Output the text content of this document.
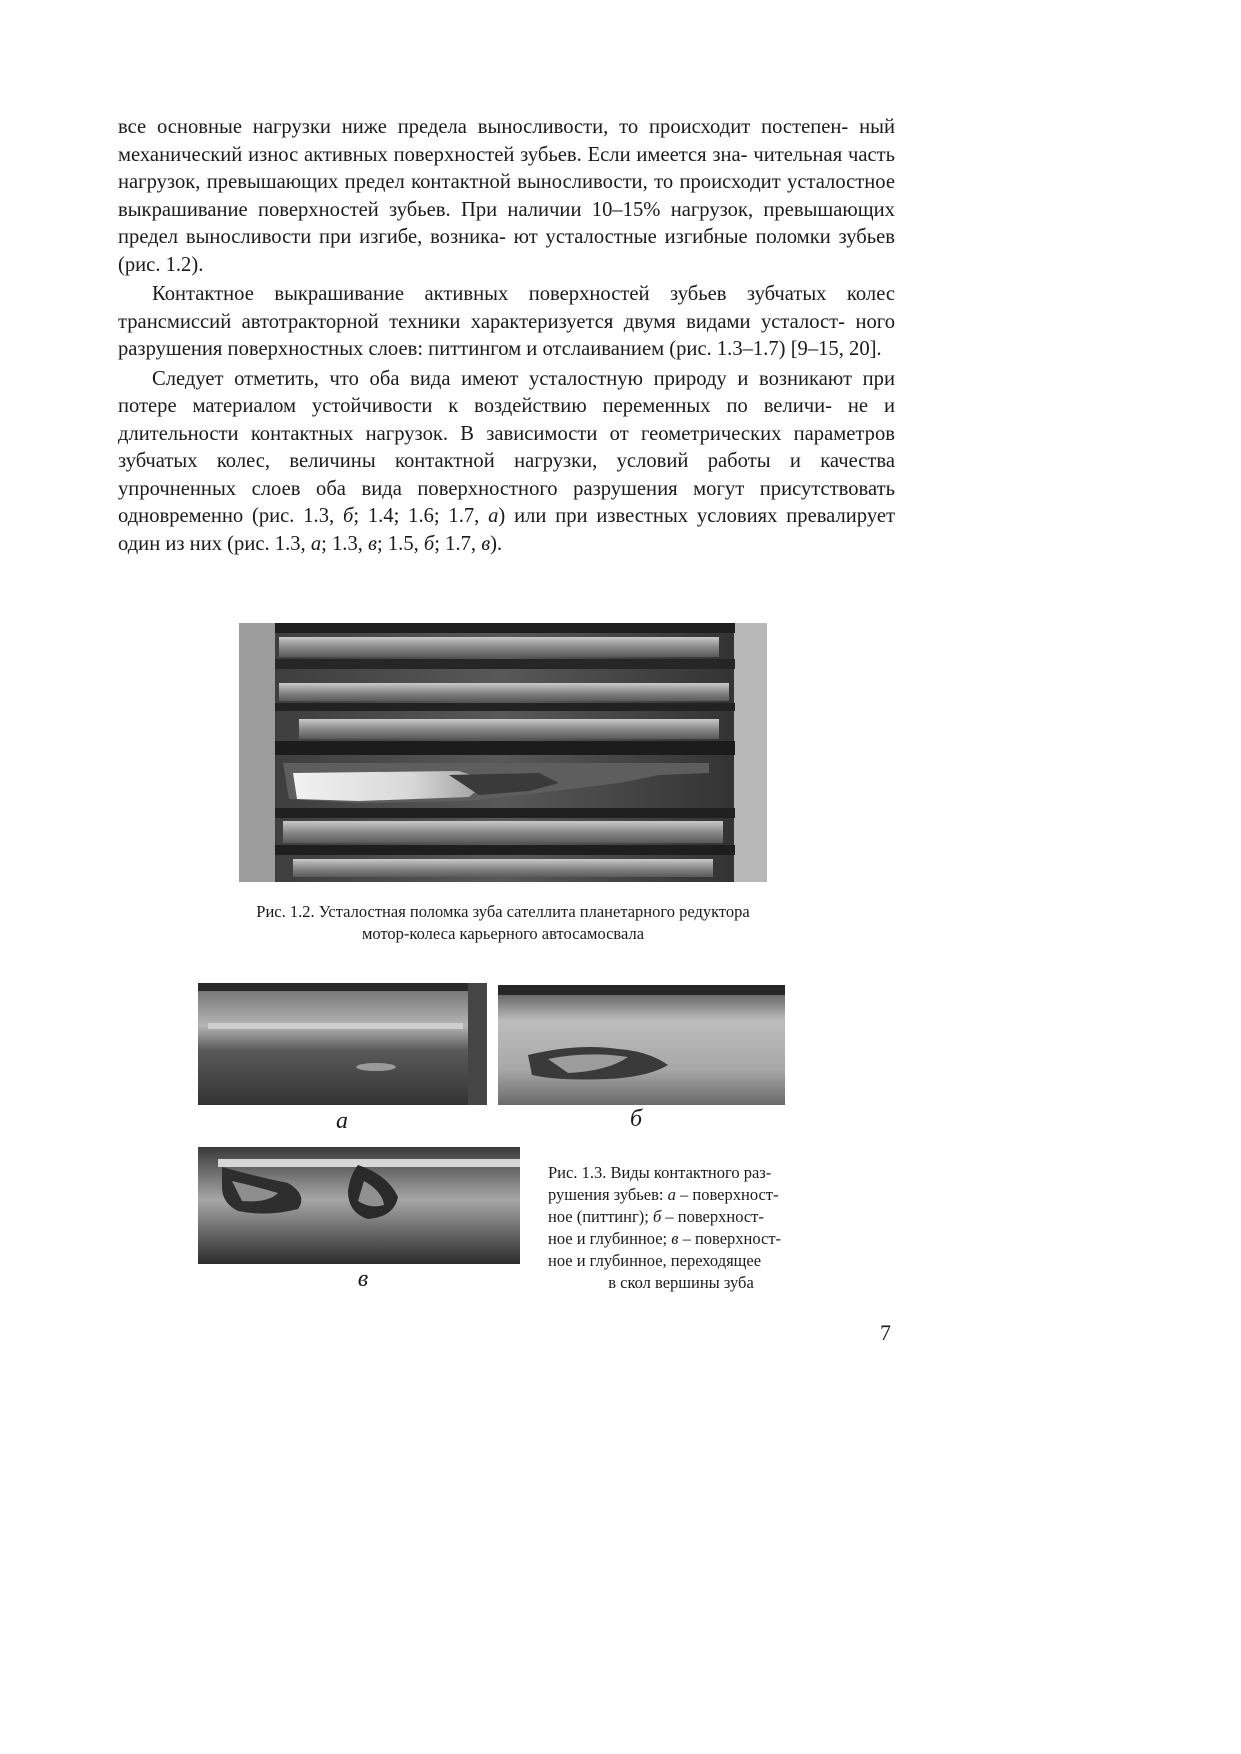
все основные нагрузки ниже предела выносливости, то происходит постепен- ный механический износ активных поверхностей зубьев. Если имеется зна- чительная часть нагрузок, превышающих предел контактной выносливости, то происходит усталостное выкрашивание поверхностей зубьев. При наличии 10–15% нагрузок, превышающих предел выносливости при изгибе, возника- ют усталостные изгибные поломки зубьев (рис. 1.2).

Контактное выкрашивание активных поверхностей зубьев зубчатых колес трансмиссий автотракторной техники характеризуется двумя видами усталост- ного разрушения поверхностных слоев: питтингом и отслаиванием (рис. 1.3–1.7) [9–15, 20].

Следует отметить, что оба вида имеют усталостную природу и возникают при потере материалом устойчивости к воздействию переменных по величи- не и длительности контактных нагрузок. В зависимости от геометрических параметров зубчатых колес, величины контактной нагрузки, условий работы и качества упрочненных слоев оба вида поверхностного разрушения могут присутствовать одновременно (рис. 1.3, б; 1.4; 1.6; 1.7, а) или при известных условиях превалирует один из них (рис. 1.3, а; 1.3, в; 1.5, б; 1.7, в).

Рис. 1.2. Усталостная поломка зуба сателлита планетарного редуктора
мотор-колеса карьерного автосамосвала
а	б
в
Рис. 1.3. Виды контактного раз-
рушения зубьев: а – поверхност-
ное (питтинг); б – поверхност-
ное и глубинное; в – поверхност-
ное и глубинное, переходящее
в скол вершины зуба
7
